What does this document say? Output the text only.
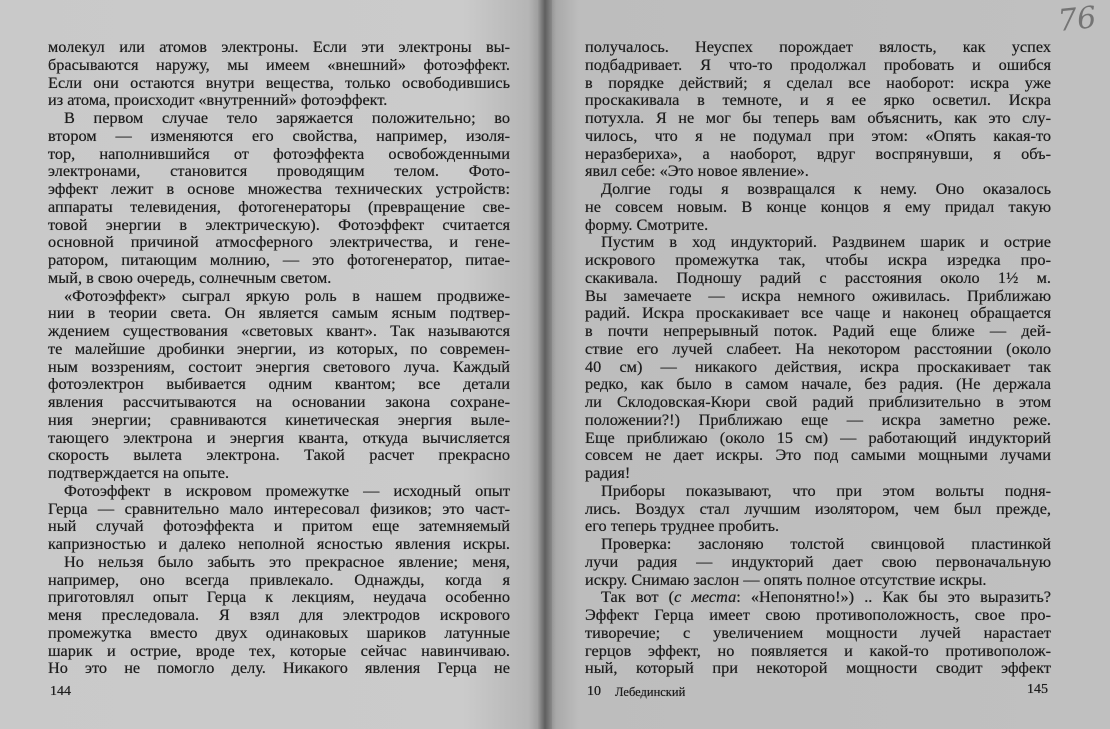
молекул или атомов электроны. Если эти электроны вы-
брасываются наружу, мы имеем «внешний» фотоэффект.
Если они остаются внутри вещества, только освободившись
из атома, происходит «внутренний» фотоэффект.
В первом случае тело заряжается положительно; во
втором — изменяются его свойства, например, изоля-
тор, наполнившийся от фотоэффекта освобожденными
электронами, становится проводящим телом. Фото-
эффект лежит в основе множества технических устройств:
аппараты телевидения, фотогенераторы (превращение све-
товой энергии в электрическую). Фотоэффект считается
основной причиной атмосферного электричества, и гене-
ратором, питающим молнию, — это фотогенератор, питае-
мый, в свою очередь, солнечным светом.
«Фотоэффект» сыграл яркую роль в нашем продвиже-
нии в теории света. Он является самым ясным подтвер-
ждением существования «световых квант». Так называются
те малейшие дробинки энергии, из которых, по современ-
ным воззрениям, состоит энергия светового луча. Каждый
фотоэлектрон выбивается одним квантом; все детали
явления рассчитываются на основании закона сохране-
ния энергии; сравниваются кинетическая энергия выле-
тающего электрона и энергия кванта, откуда вычисляется
скорость вылета электрона. Такой расчет прекрасно
подтверждается на опыте.
Фотоэффект в искровом промежутке — исходный опыт
Герца — сравнительно мало интересовал физиков; это част-
ный случай фотоэффекта и притом еще затемняемый
капризностью и далеко неполной ясностью явления искры.
Но нельзя было забыть это прекрасное явление; меня,
например, оно всегда привлекало. Однажды, когда я
приготовлял опыт Герца к лекциям, неудача особенно
меня преследовала. Я взял для электродов искрового
промежутка вместо двух одинаковых шариков латунные
шарик и острие, вроде тех, которые сейчас навинчиваю.
Но это не помогло делу. Никакого явления Герца не
144
получалось. Неуспех порождает вялость, как успех
подбадривает. Я что-то продолжал пробовать и ошибся
в порядке действий; я сделал все наоборот: искра уже
проскакивала в темноте, и я ее ярко осветил. Искра
потухла. Я не мог бы теперь вам объяснить, как это слу-
чилось, что я не подумал при этом: «Опять какая-то
неразбериха», а наоборот, вдруг воспрянувши, я объ-
явил себе: «Это новое явление».
Долгие годы я возвращался к нему. Оно оказалось
не совсем новым. В конце концов я ему придал такую
форму. Смотрите.
Пустим в ход индукторий. Раздвинем шарик и острие
искрового промежутка так, чтобы искра изредка про-
скакивала. Подношу радий с расстояния около 1½ м.
Вы замечаете — искра немного оживилась. Приближаю
радий. Искра проскакивает все чаще и наконец обращается
в почти непрерывный поток. Радий еще ближе — дей-
ствие его лучей слабеет. На некотором расстоянии (около
40 см) — никакого действия, искра проскакивает так
редко, как было в самом начале, без радия. (Не держала
ли Склодовская-Кюри свой радий приблизительно в этом
положении?!) Приближаю еще — искра заметно реже.
Еще приближаю (около 15 см) — работающий индукторий
совсем не дает искры. Это под самыми мощными лучами
радия!
Приборы показывают, что при этом вольты подня-
лись. Воздух стал лучшим изолятором, чем был прежде,
его теперь труднее пробить.
Проверка: заслоняю толстой свинцовой пластинкой
лучи радия — индукторий дает свою первоначальную
искру. Снимаю заслон — опять полное отсутствие искры.
Так вот (с места: «Непонятно!») .. Как бы это выразить?
Эффект Герца имеет свою противоположность, свое про-
тиворечие; с увеличением мощности лучей нарастает
герцов эффект, но появляется и какой-то противополож-
ный, который при некоторой мощности сводит эффект
10 Лебединский	145
76
